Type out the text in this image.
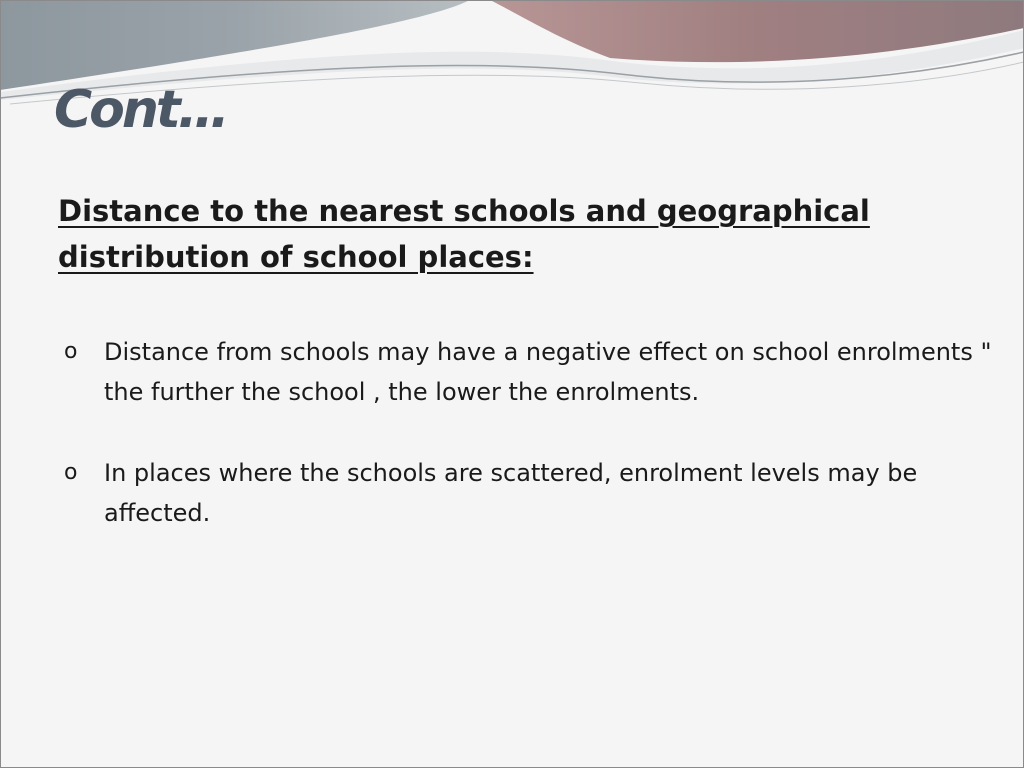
Cont…

Distance to the nearest schools and geographical distribution of school places:

o Distance from schools may have a negative effect on school enrolments " the further the school , the lower the enrolments.
o In places where the schools are scattered, enrolment levels may be affected.
